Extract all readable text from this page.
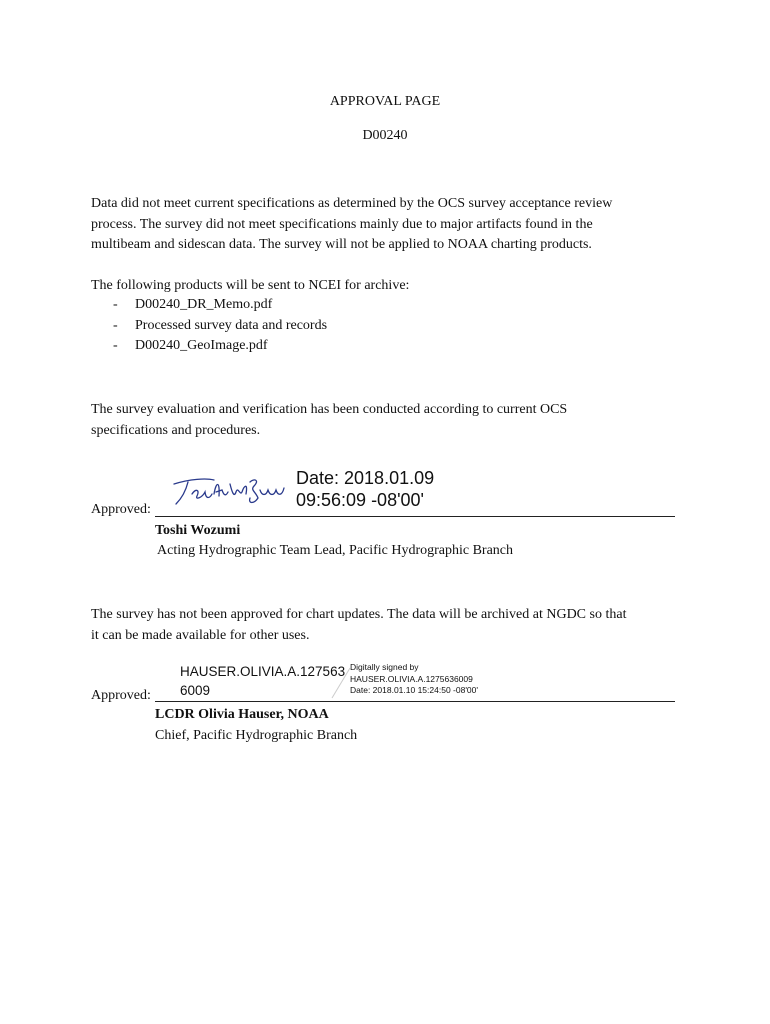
APPROVAL PAGE
D00240
Data did not meet current specifications as determined by the OCS survey acceptance review
process. The survey did not meet specifications mainly due to major artifacts found in the
multibeam and sidescan data. The survey will not be applied to NOAA charting products.
The following products will be sent to NCEI for archive:
- D00240_DR_Memo.pdf
- Processed survey data and records
- D00240_GeoImage.pdf
The survey evaluation and verification has been conducted according to current OCS
specifications and procedures.
Approved:
Date: 2018.01.09
09:56:09 -08'00'
Toshi Wozumi
Acting Hydrographic Team Lead, Pacific Hydrographic Branch
The survey has not been approved for chart updates. The data will be archived at NGDC so that
it can be made available for other uses.
Approved:
HAUSER.OLIVIA.A.127563
6009
Digitally signed by
HAUSER.OLIVIA.A.1275636009
Date: 2018.01.10 15:24:50 -08'00'
LCDR Olivia Hauser, NOAA
Chief, Pacific Hydrographic Branch
